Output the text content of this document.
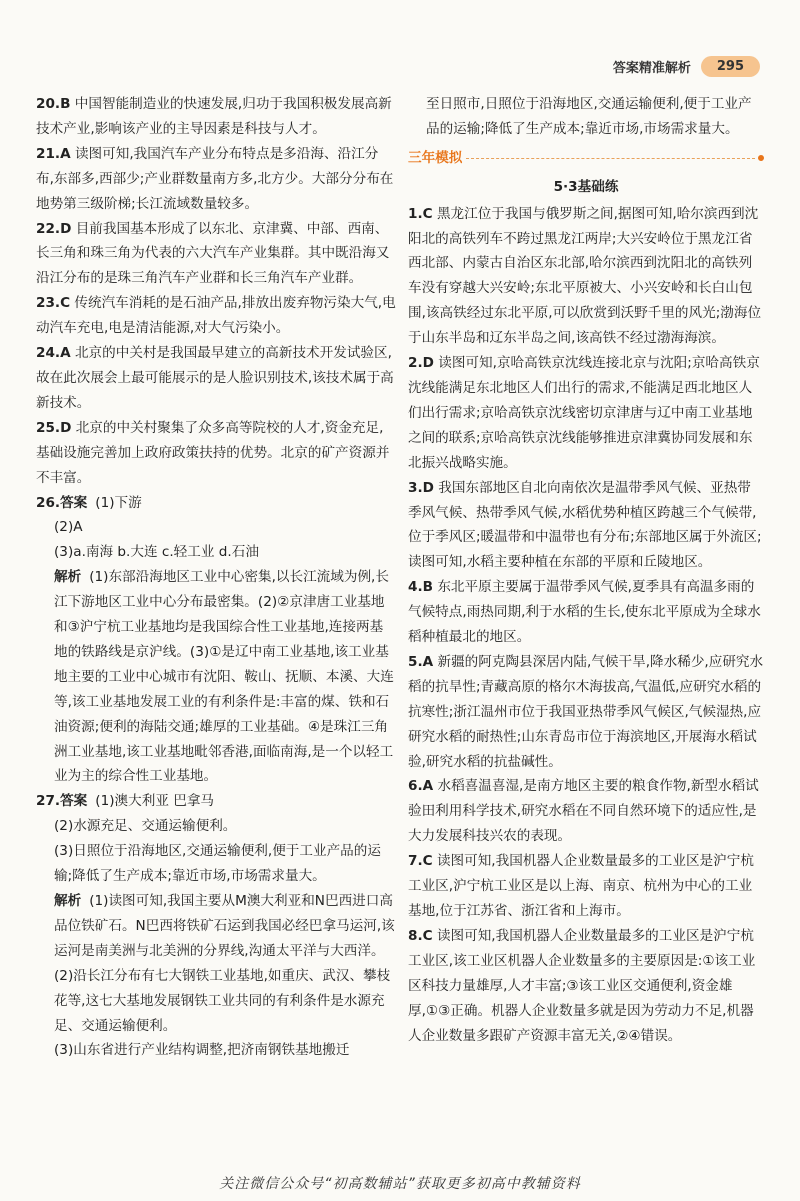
答案精准解析	295

20.B 中国智能制造业的快速发展,归功于我国积极发展高新技术产业,影响该产业的主导因素是科技与人才。

21.A 读图可知,我国汽车产业分布特点是多沿海、沿江分布,东部多,西部少;产业群数量南方多,北方少。大部分分布在地势第三级阶梯;长江流域数量较多。

22.D 目前我国基本形成了以东北、京津冀、中部、西南、长三角和珠三角为代表的六大汽车产业集群。其中既沿海又沿江分布的是珠三角汽车产业群和长三角汽车产业群。

23.C 传统汽车消耗的是石油产品,排放出废弃物污染大气,电动汽车充电,电是清洁能源,对大气污染小。

24.A 北京的中关村是我国最早建立的高新技术开发试验区,故在此次展会上最可能展示的是人脸识别技术,该技术属于高新技术。

25.D 北京的中关村聚集了众多高等院校的人才,资金充足,基础设施完善加上政府政策扶持的优势。北京的矿产资源并不丰富。

26.答案 (1)下游

(2)A

(3)a.南海 b.大连 c.轻工业 d.石油

解析 (1)东部沿海地区工业中心密集,以长江流域为例,长江下游地区工业中心分布最密集。(2)②京津唐工业基地和③沪宁杭工业基地均是我国综合性工业基地,连接两基地的铁路线是京沪线。(3)①是辽中南工业基地,该工业基地主要的工业中心城市有沈阳、鞍山、抚顺、本溪、大连等,该工业基地发展工业的有利条件是:丰富的煤、铁和石油资源;便利的海陆交通;雄厚的工业基础。④是珠江三角洲工业基地,该工业基地毗邻香港,面临南海,是一个以轻工业为主的综合性工业基地。

27.答案 (1)澳大利亚 巴拿马

(2)水源充足、交通运输便利。

(3)日照位于沿海地区,交通运输便利,便于工业产品的运输;降低了生产成本;靠近市场,市场需求量大。

解析 (1)读图可知,我国主要从M澳大利亚和N巴西进口高品位铁矿石。N巴西将铁矿石运到我国必经巴拿马运河,该运河是南美洲与北美洲的分界线,沟通太平洋与大西洋。

(2)沿长江分布有七大钢铁工业基地,如重庆、武汉、攀枝花等,这七大基地发展钢铁工业共同的有利条件是水源充足、交通运输便利。

(3)山东省进行产业结构调整,把济南钢铁基地搬迁

至日照市,日照位于沿海地区,交通运输便利,便于工业产品的运输;降低了生产成本;靠近市场,市场需求量大。

三年模拟
5·3基础练

1.C 黑龙江位于我国与俄罗斯之间,据图可知,哈尔滨西到沈阳北的高铁列车不跨过黑龙江两岸;大兴安岭位于黑龙江省西北部、内蒙古自治区东北部,哈尔滨西到沈阳北的高铁列车没有穿越大兴安岭;东北平原被大、小兴安岭和长白山包围,该高铁经过东北平原,可以欣赏到沃野千里的风光;渤海位于山东半岛和辽东半岛之间,该高铁不经过渤海海滨。

2.D 读图可知,京哈高铁京沈线连接北京与沈阳;京哈高铁京沈线能满足东北地区人们出行的需求,不能满足西北地区人们出行需求;京哈高铁京沈线密切京津唐与辽中南工业基地之间的联系;京哈高铁京沈线能够推进京津冀协同发展和东北振兴战略实施。

3.D 我国东部地区自北向南依次是温带季风气候、亚热带季风气候、热带季风气候,水稻优势种植区跨越三个气候带,位于季风区;暖温带和中温带也有分布;东部地区属于外流区;读图可知,水稻主要种植在东部的平原和丘陵地区。

4.B 东北平原主要属于温带季风气候,夏季具有高温多雨的气候特点,雨热同期,利于水稻的生长,使东北平原成为全球水稻种植最北的地区。

5.A 新疆的阿克陶县深居内陆,气候干旱,降水稀少,应研究水稻的抗旱性;青藏高原的格尔木海拔高,气温低,应研究水稻的抗寒性;浙江温州市位于我国亚热带季风气候区,气候湿热,应研究水稻的耐热性;山东青岛市位于海滨地区,开展海水稻试验,研究水稻的抗盐碱性。

6.A 水稻喜温喜湿,是南方地区主要的粮食作物,新型水稻试验田利用科学技术,研究水稻在不同自然环境下的适应性,是大力发展科技兴农的表现。

7.C 读图可知,我国机器人企业数量最多的工业区是沪宁杭工业区,沪宁杭工业区是以上海、南京、杭州为中心的工业基地,位于江苏省、浙江省和上海市。

8.C 读图可知,我国机器人企业数量最多的工业区是沪宁杭工业区,该工业区机器人企业数量多的主要原因是:①该工业区科技力量雄厚,人才丰富;③该工业区交通便利,资金雄厚,①③正确。机器人企业数量多就是因为劳动力不足,机器人企业数量多跟矿产资源丰富无关,②④错误。

关注微信公众号“初高数辅站”获取更多初高中教辅资料
